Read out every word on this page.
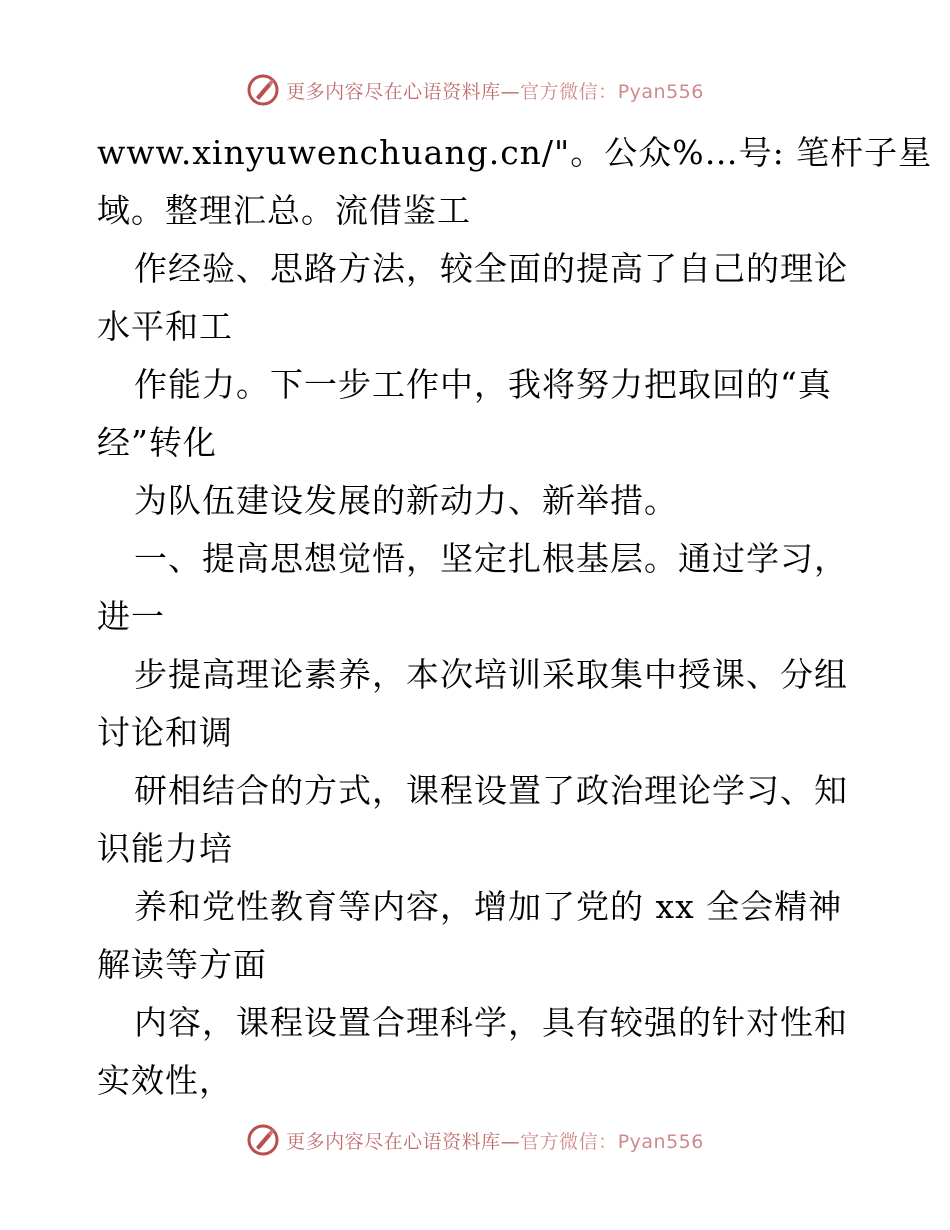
更多内容尽在心语资料库—官方微信：Pyan556
www.xinyuwenchuang.cn/"。公众%…号: 笔杆子星
域。整理汇总。流借鉴工
作经验、思路方法，较全面的提高了自己的理论
水平和工
作能力。下一步工作中，我将努力把取回的“真
经”转化
为队伍建设发展的新动力、新举措。
一、提高思想觉悟，坚定扎根基层。通过学习，
进一
步提高理论素养，本次培训采取集中授课、分组
讨论和调
研相结合的方式，课程设置了政治理论学习、知
识能力培
养和党性教育等内容，增加了党的 xx 全会精神
解读等方面
内容，课程设置合理科学，具有较强的针对性和
实效性，
更多内容尽在心语资料库—官方微信：Pyan556
